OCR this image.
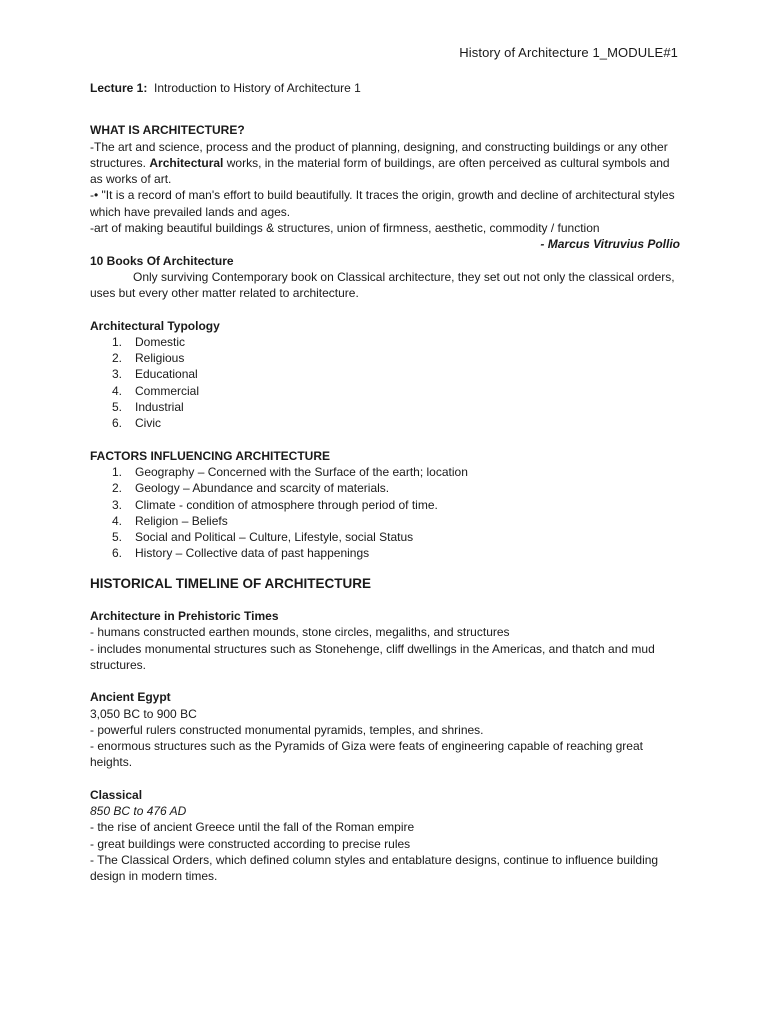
History of Architecture 1_MODULE#1

Lecture 1: Introduction to History of Architecture 1

WHAT IS ARCHITECTURE?

-The art and science, process and the product of planning, designing, and constructing buildings or any other structures. Architectural works, in the material form of buildings, are often perceived as cultural symbols and as works of art.

-• "It is a record of man's effort to build beautifully. It traces the origin, growth and decline of architectural styles which have prevailed lands and ages.

-art of making beautiful buildings & structures, union of firmness, aesthetic, commodity / function

- Marcus Vitruvius Pollio

10 Books Of Architecture

Only surviving Contemporary book on Classical architecture, they set out not only the classical orders, uses but every other matter related to architecture.

Architectural Typology

1. Domestic
2. Religious
3. Educational
4. Commercial
5. Industrial
6. Civic

FACTORS INFLUENCING ARCHITECTURE

1. Geography – Concerned with the Surface of the earth; location
2. Geology – Abundance and scarcity of materials.
3. Climate - condition of atmosphere through period of time.
4. Religion – Beliefs
5. Social and Political – Culture, Lifestyle, social Status
6. History – Collective data of past happenings

HISTORICAL TIMELINE OF ARCHITECTURE

Architecture in Prehistoric Times

- humans constructed earthen mounds, stone circles, megaliths, and structures

- includes monumental structures such as Stonehenge, cliff dwellings in the Americas, and thatch and mud structures.

Ancient Egypt

3,050 BC to 900 BC

- powerful rulers constructed monumental pyramids, temples, and shrines.

- enormous structures such as the Pyramids of Giza were feats of engineering capable of reaching great heights.

Classical

850 BC to 476 AD

- the rise of ancient Greece until the fall of the Roman empire

- great buildings were constructed according to precise rules

- The Classical Orders, which defined column styles and entablature designs, continue to influence building design in modern times.
